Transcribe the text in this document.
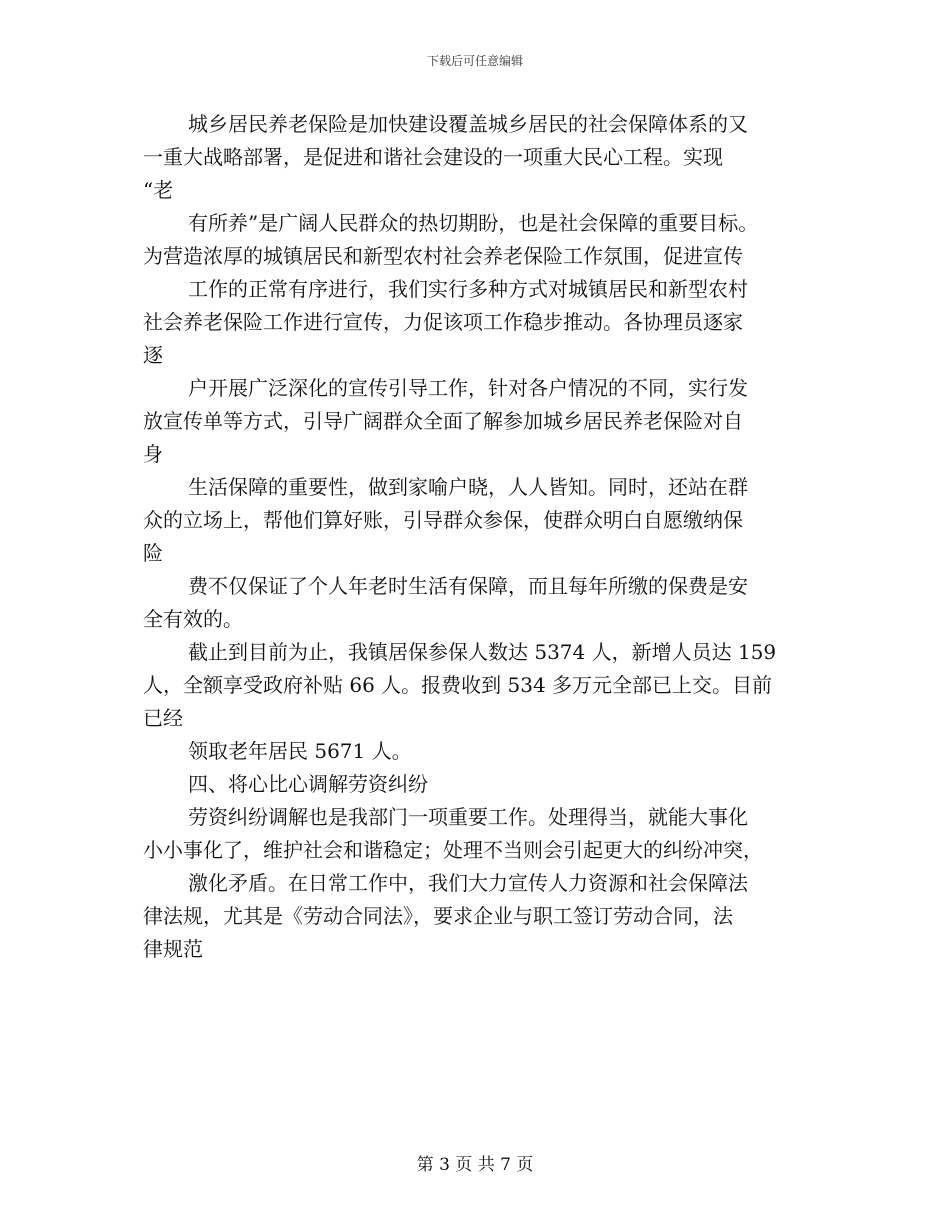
下载后可任意编辑
城乡居民养老保险是加快建设覆盖城乡居民的社会保障体系的又
一重大战略部署，是促进和谐社会建设的一项重大民心工程。实现
“老
有所养”是广阔人民群众的热切期盼，也是社会保障的重要目标。
为营造浓厚的城镇居民和新型农村社会养老保险工作氛围，促进宣传
工作的正常有序进行，我们实行多种方式对城镇居民和新型农村
社会养老保险工作进行宣传，力促该项工作稳步推动。各协理员逐家
逐
户开展广泛深化的宣传引导工作，针对各户情况的不同，实行发
放宣传单等方式，引导广阔群众全面了解参加城乡居民养老保险对自
身
生活保障的重要性，做到家喻户晓，人人皆知。同时，还站在群
众的立场上，帮他们算好账，引导群众参保，使群众明白自愿缴纳保
险
费不仅保证了个人年老时生活有保障，而且每年所缴的保费是安
全有效的。
截止到目前为止，我镇居保参保人数达 5374 人，新增人员达 159
人，全额享受政府补贴 66 人。报费收到 534 多万元全部已上交。目前
已经
领取老年居民 5671 人。
四、将心比心调解劳资纠纷
劳资纠纷调解也是我部门一项重要工作。处理得当，就能大事化
小小事化了，维护社会和谐稳定；处理不当则会引起更大的纠纷冲突，
激化矛盾。在日常工作中，我们大力宣传人力资源和社会保障法
律法规，尤其是《劳动合同法》，要求企业与职工签订劳动合同，法
律规范
第 3 页 共 7 页
